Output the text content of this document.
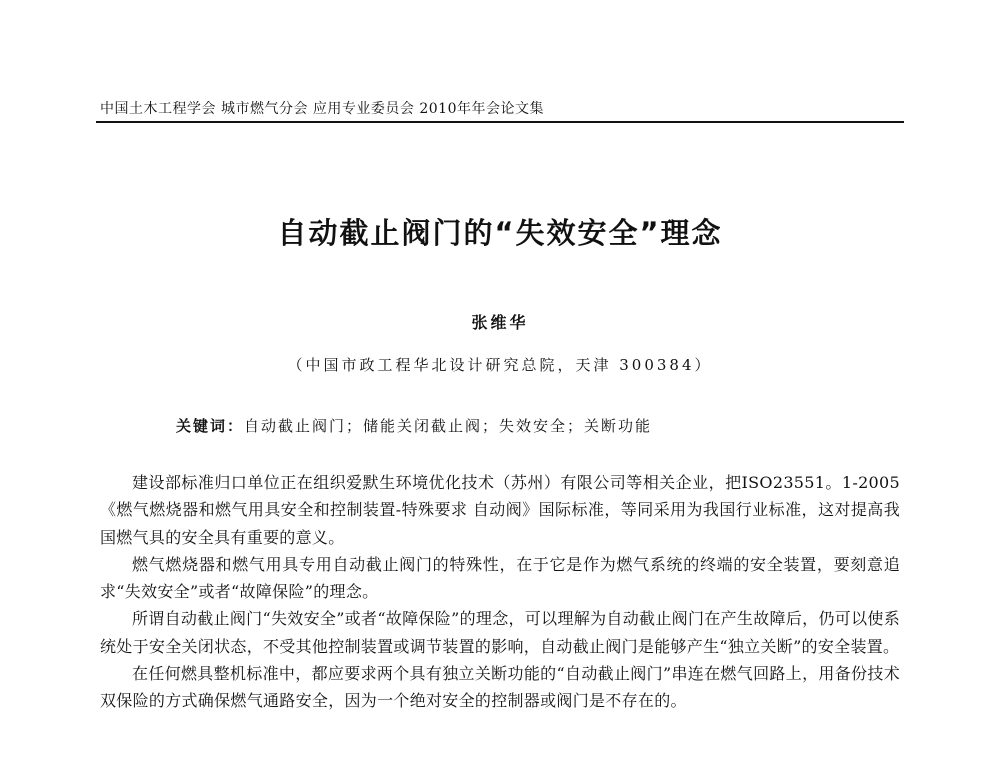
中国土木工程学会 城市燃气分会 应用专业委员会 2010年年会论文集
自动截止阀门的“失效安全”理念
张维华
（中国市政工程华北设计研究总院，天津 300384）
关键词：自动截止阀门；储能关闭截止阀；失效安全；关断功能

建设部标准归口单位正在组织爱默生环境优化技术（苏州）有限公司等相关企业，把ISO23551。1-2005《燃气燃烧器和燃气用具安全和控制装置-特殊要求 自动阀》国际标准，等同采用为我国行业标准，这对提高我国燃气具的安全具有重要的意义。

燃气燃烧器和燃气用具专用自动截止阀门的特殊性，在于它是作为燃气系统的终端的安全装置，要刻意追求“失效安全”或者“故障保险”的理念。

所谓自动截止阀门“失效安全”或者“故障保险”的理念，可以理解为自动截止阀门在产生故障后，仍可以使系统处于安全关闭状态，不受其他控制装置或调节装置的影响，自动截止阀门是能够产生“独立关断”的安全装置。

在任何燃具整机标准中，都应要求两个具有独立关断功能的“自动截止阀门”串连在燃气回路上，用备份技术双保险的方式确保燃气通路安全，因为一个绝对安全的控制器或阀门是不存在的。
